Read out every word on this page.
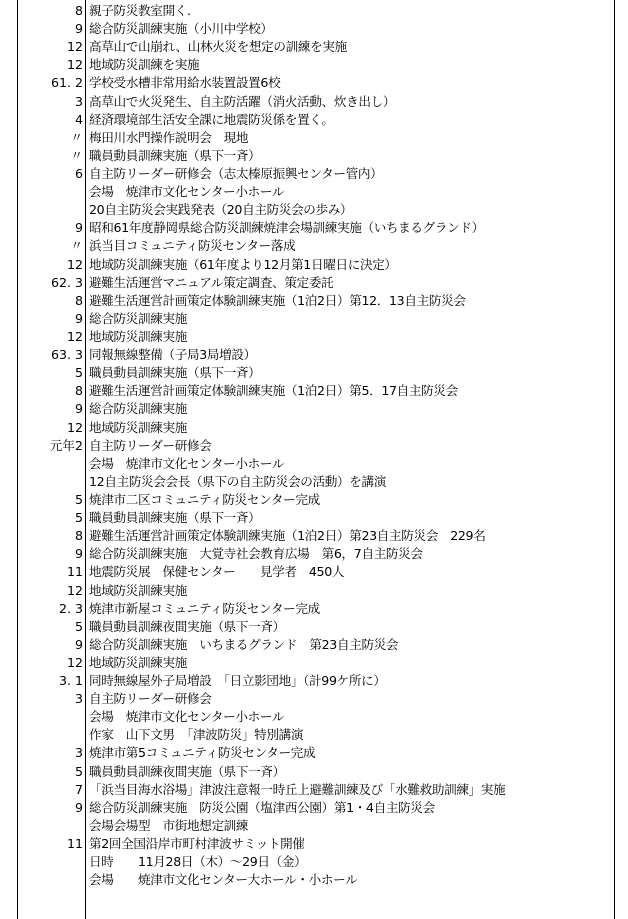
8 親子防災教室開く.
9 総合防災訓練実施（小川中学校）
12 高草山で山崩れ、山林火災を想定の訓練を実施
12 地域防災訓練を実施
61. 2 学校受水槽非常用給水装置設置6校
3 高草山で火災発生、自主防活躍（消火活動、炊き出し）
4 経済環境部生活安全課に地震防災係を置く。
〃 梅田川水門操作説明会　現地
〃 職員動員訓練実施（県下一斉）
6 自主防リーダー研修会（志太榛原振興センター管内）
会場　焼津市文化センター小ホール
20自主防災会実践発表（20自主防災会の歩み）
9 昭和61年度静岡県総合防災訓練焼津会場訓練実施（いちまるグランド）
〃 浜当目コミュニティ防災センター落成
12 地域防災訓練実施（61年度より12月第1日曜日に決定）
62. 3 避難生活運営マニュアル策定調査、策定委託
8 避難生活運営計画策定体験訓練実施（1泊2日）第12．13自主防災会
9 総合防災訓練実施
12 地域防災訓練実施
63. 3 同報無線整備（子局3局増設）
5 職員動員訓練実施（県下一斉）
8 避難生活運営計画策定体験訓練実施（1泊2日）第5．17自主防災会
9 総合防災訓練実施
12 地域防災訓練実施
元年2 自主防リーダー研修会
会場　焼津市文化センター小ホール
12自主防災会会長（県下の自主防災会の活動）を講演
5 焼津市二区コミュニティ防災センター完成
5 職員動員訓練実施（県下一斉）
8 避難生活運営計画策定体験訓練実施（1泊2日）第23自主防災会　229名
9 総合防災訓練実施　大覚寺社会教育広場　第6，7自主防災会
11 地震防災展　保健センター　　見学者　450人
12 地域防災訓練実施
2. 3 焼津市新屋コミュニティ防災センター完成
5 職員動員訓練夜間実施（県下一斉）
9 総合防災訓練実施　いちまるグランド　第23自主防災会
12 地域防災訓練実施
3. 1 同時無線屋外子局増設　「日立影団地」（計99ケ所に）
3 自主防リーダー研修会
会場　焼津市文化センター小ホール
作家　山下文男　「津波防災」特別講演
3 焼津市第5コミュニティ防災センター完成
5 職員動員訓練夜間実施（県下一斉）
7 「浜当目海水浴場」津波注意報一時丘上避難訓練及び「水難救助訓練」実施
9 総合防災訓練実施　防災公園（塩津西公園）第1・4自主防災会
会場会場型　市街地想定訓練
11 第2回全国沿岸市町村津波サミット開催
日時　　11月28日（木）〜29日（金）
会場　　焼津市文化センター大ホール・小ホール
